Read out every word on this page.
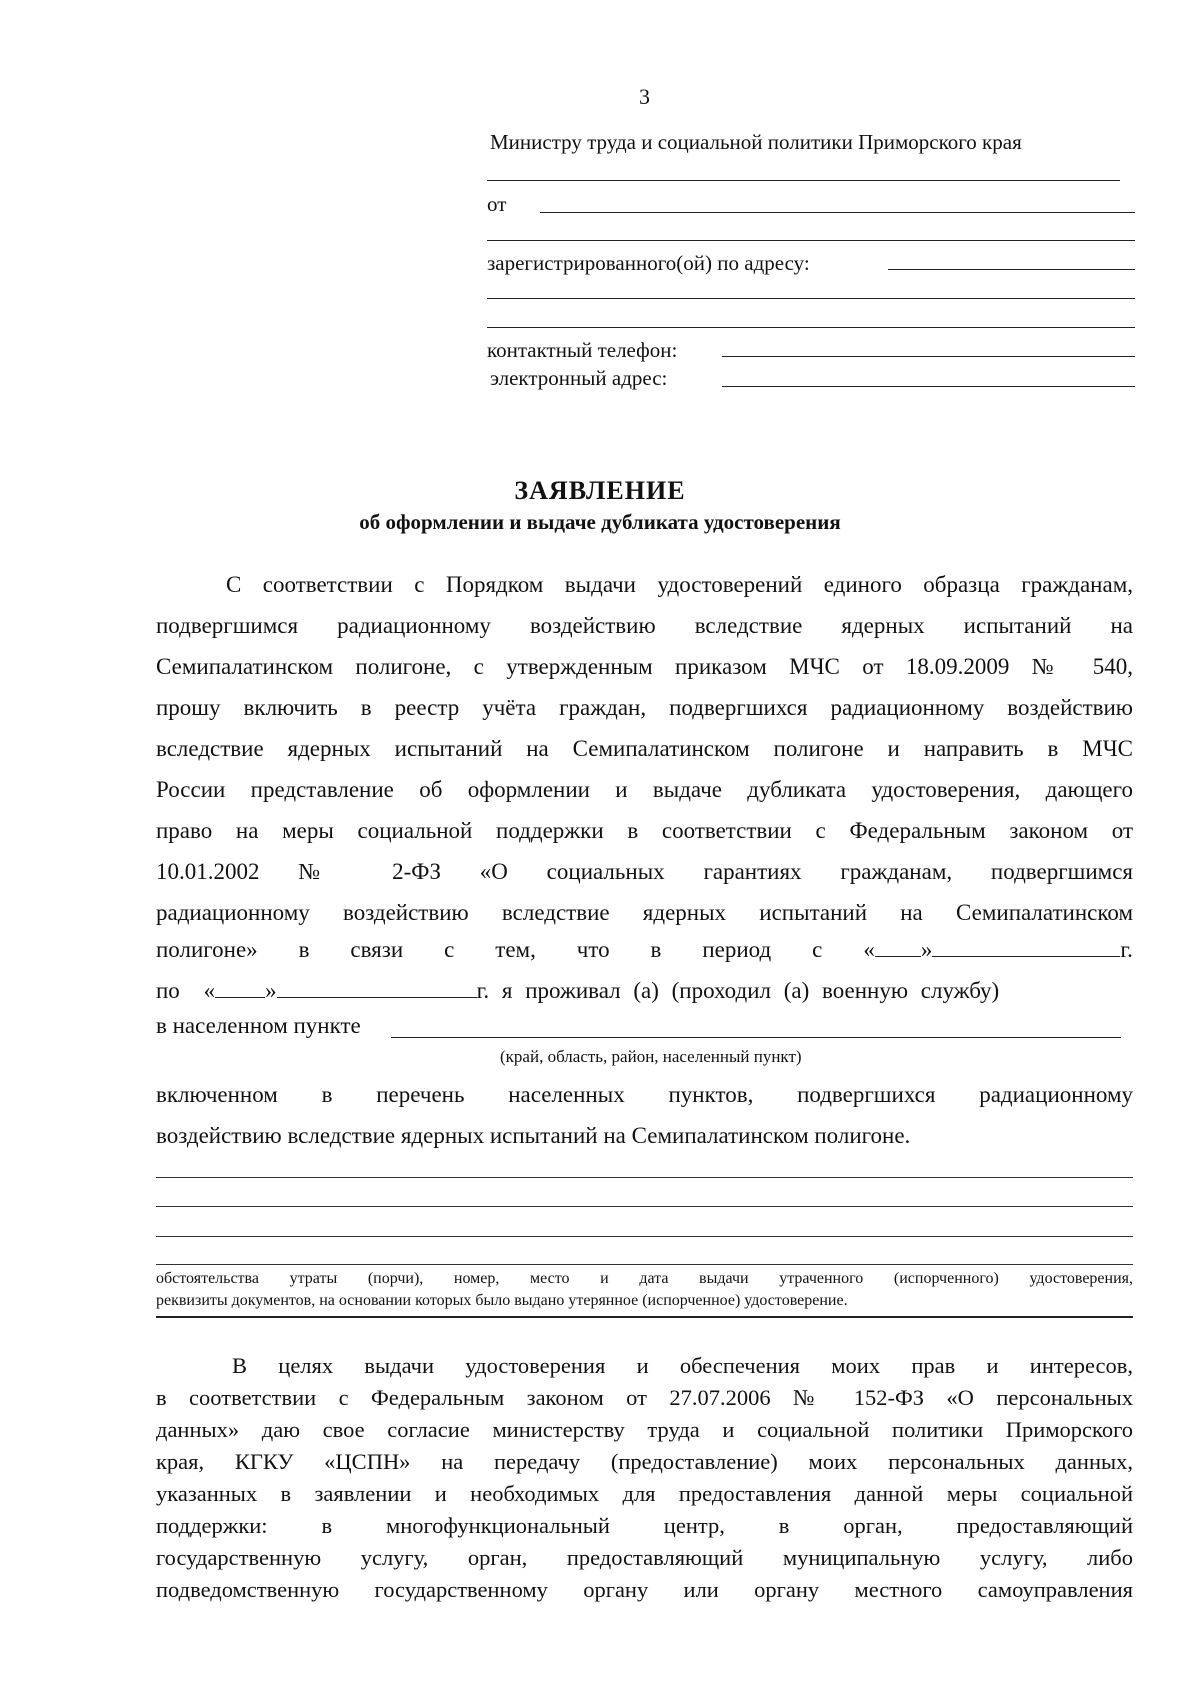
3
Министру труда и социальной политики Приморского края
от
зарегистрированного(ой) по адресу:
контактный телефон:
электронный адрес:
ЗАЯВЛЕНИЕ
об оформлении и выдаче дубликата удостоверения
С соответствии с Порядком выдачи удостоверений единого образца гражданам,
подвергшимся радиационному воздействию вследствие ядерных испытаний на
Семипалатинском полигоне, с утвержденным приказом МЧС от 18.09.2009 № 540,
прошу включить в реестр учёта граждан, подвергшихся радиационному воздействию
вследствие ядерных испытаний на Семипалатинском полигоне и направить в МЧС
России представление об оформлении и выдаче дубликата удостоверения, дающего
право на меры социальной поддержки в соответствии с Федеральным законом от
10.01.2002 № 2-ФЗ «О социальных гарантиях гражданам, подвергшимся
радиационному воздействию вследствие ядерных испытаний на Семипалатинском
полигоне» в связи с тем, что в период с « »	г.
по « »	г. я проживал (а) (проходил (а) военную службу)
в населенном пункте
(край, область, район, населенный пункт)
включенном в перечень населенных пунктов, подвергшихся радиационному
воздействию вследствие ядерных испытаний на Семипалатинском полигоне.
обстоятельства утраты (порчи), номер, место и дата выдачи утраченного (испорченного) удостоверения,
реквизиты документов, на основании которых было выдано утерянное (испорченное) удостоверение.
В целях выдачи удостоверения и обеспечения моих прав и интересов,
в соответствии с Федеральным законом от 27.07.2006 № 152-ФЗ «О персональных
данных» даю свое согласие министерству труда и социальной политики Приморского
края, КГКУ «ЦСПН» на передачу (предоставление) моих персональных данных,
указанных в заявлении и необходимых для предоставления данной меры социальной
поддержки: в многофункциональный центр, в орган, предоставляющий
государственную услугу, орган, предоставляющий муниципальную услугу, либо
подведомственную государственному органу или органу местного самоуправления
